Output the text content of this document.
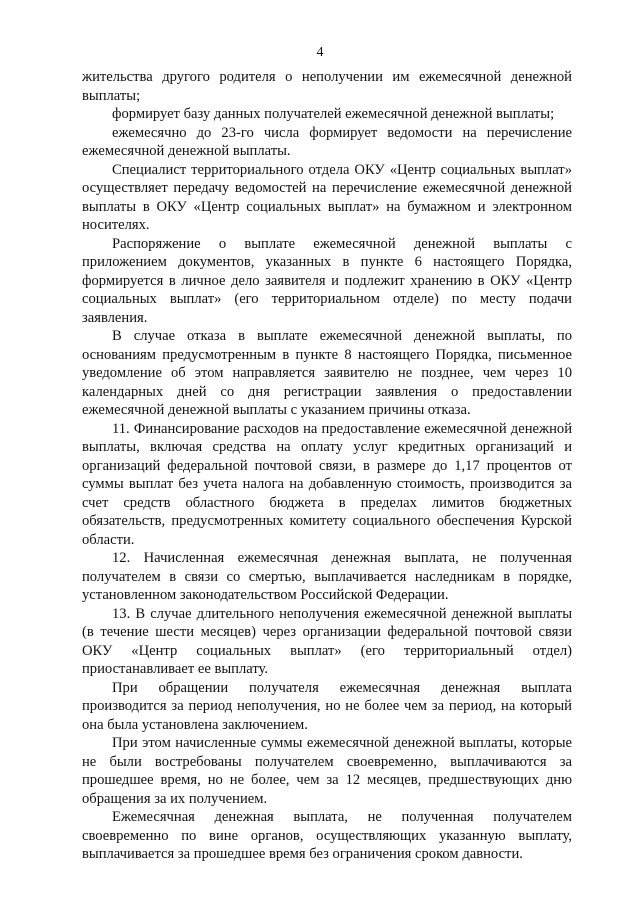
4

жительства другого родителя о неполучении им ежемесячной денежной выплаты;

формирует базу данных получателей ежемесячной денежной выплаты;

ежемесячно до 23-го числа формирует ведомости на перечисление ежемесячной денежной выплаты.

Специалист территориального отдела ОКУ «Центр социальных выплат» осуществляет передачу ведомостей на перечисление ежемесячной денежной выплаты в ОКУ «Центр социальных выплат» на бумажном и электронном носителях.

Распоряжение о выплате ежемесячной денежной выплаты с приложением документов, указанных в пункте 6 настоящего Порядка, формируется в личное дело заявителя и подлежит хранению в ОКУ «Центр социальных выплат» (его территориальном отделе) по месту подачи заявления.

В случае отказа в выплате ежемесячной денежной выплаты, по основаниям предусмотренным в пункте 8 настоящего Порядка, письменное уведомление об этом направляется заявителю не позднее, чем через 10 календарных дней со дня регистрации заявления о предоставлении ежемесячной денежной выплаты с указанием причины отказа.

11. Финансирование расходов на предоставление ежемесячной денежной выплаты, включая средства на оплату услуг кредитных организаций и организаций федеральной почтовой связи, в размере до 1,17 процентов от суммы выплат без учета налога на добавленную стоимость, производится за счет средств областного бюджета в пределах лимитов бюджетных обязательств, предусмотренных комитету социального обеспечения Курской области.

12. Начисленная ежемесячная денежная выплата, не полученная получателем в связи со смертью, выплачивается наследникам в порядке, установленном законодательством Российской Федерации.

13. В случае длительного неполучения ежемесячной денежной выплаты (в течение шести месяцев) через организации федеральной почтовой связи ОКУ «Центр социальных выплат» (его территориальный отдел) приостанавливает ее выплату.

При обращении получателя ежемесячная денежная выплата производится за период неполучения, но не более чем за период, на который она была установлена заключением.

При этом начисленные суммы ежемесячной денежной выплаты, которые не были востребованы получателем своевременно, выплачиваются за прошедшее время, но не более, чем за 12 месяцев, предшествующих дню обращения за их получением.

Ежемесячная денежная выплата, не полученная получателем своевременно по вине органов, осуществляющих указанную выплату, выплачивается за прошедшее время без ограничения сроком давности.
